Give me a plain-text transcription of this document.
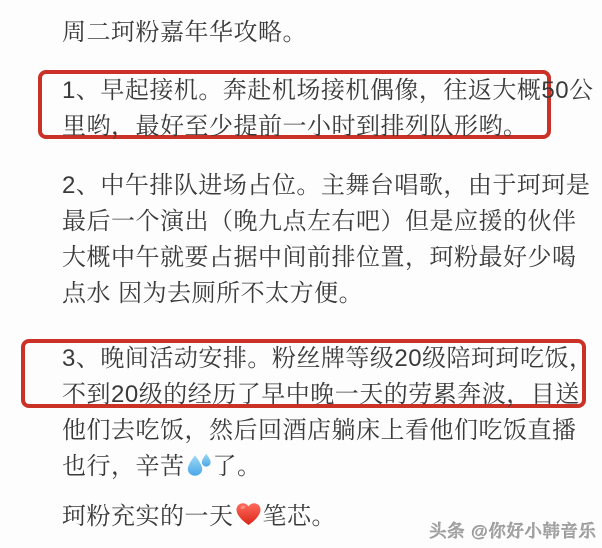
周二珂粉嘉年华攻略。
1、早起接机。奔赴机场接机偶像，往返大概50公
里哟，最好至少提前一小时到排列队形哟。
2、中午排队进场占位。主舞台唱歌，由于珂珂是
最后一个演出（晚九点左右吧）但是应援的伙伴
大概中午就要占据中间前排位置，珂粉最好少喝
点水 因为去厕所不太方便。
3、晚间活动安排。粉丝牌等级20级陪珂珂吃饭，
不到20级的经历了早中晚一天的劳累奔波，目送
他们去吃饭，然后回酒店躺床上看他们吃饭直播
也行，辛苦 了。
珂粉充实的一天 笔芯。
头条 @你好小韩音乐
